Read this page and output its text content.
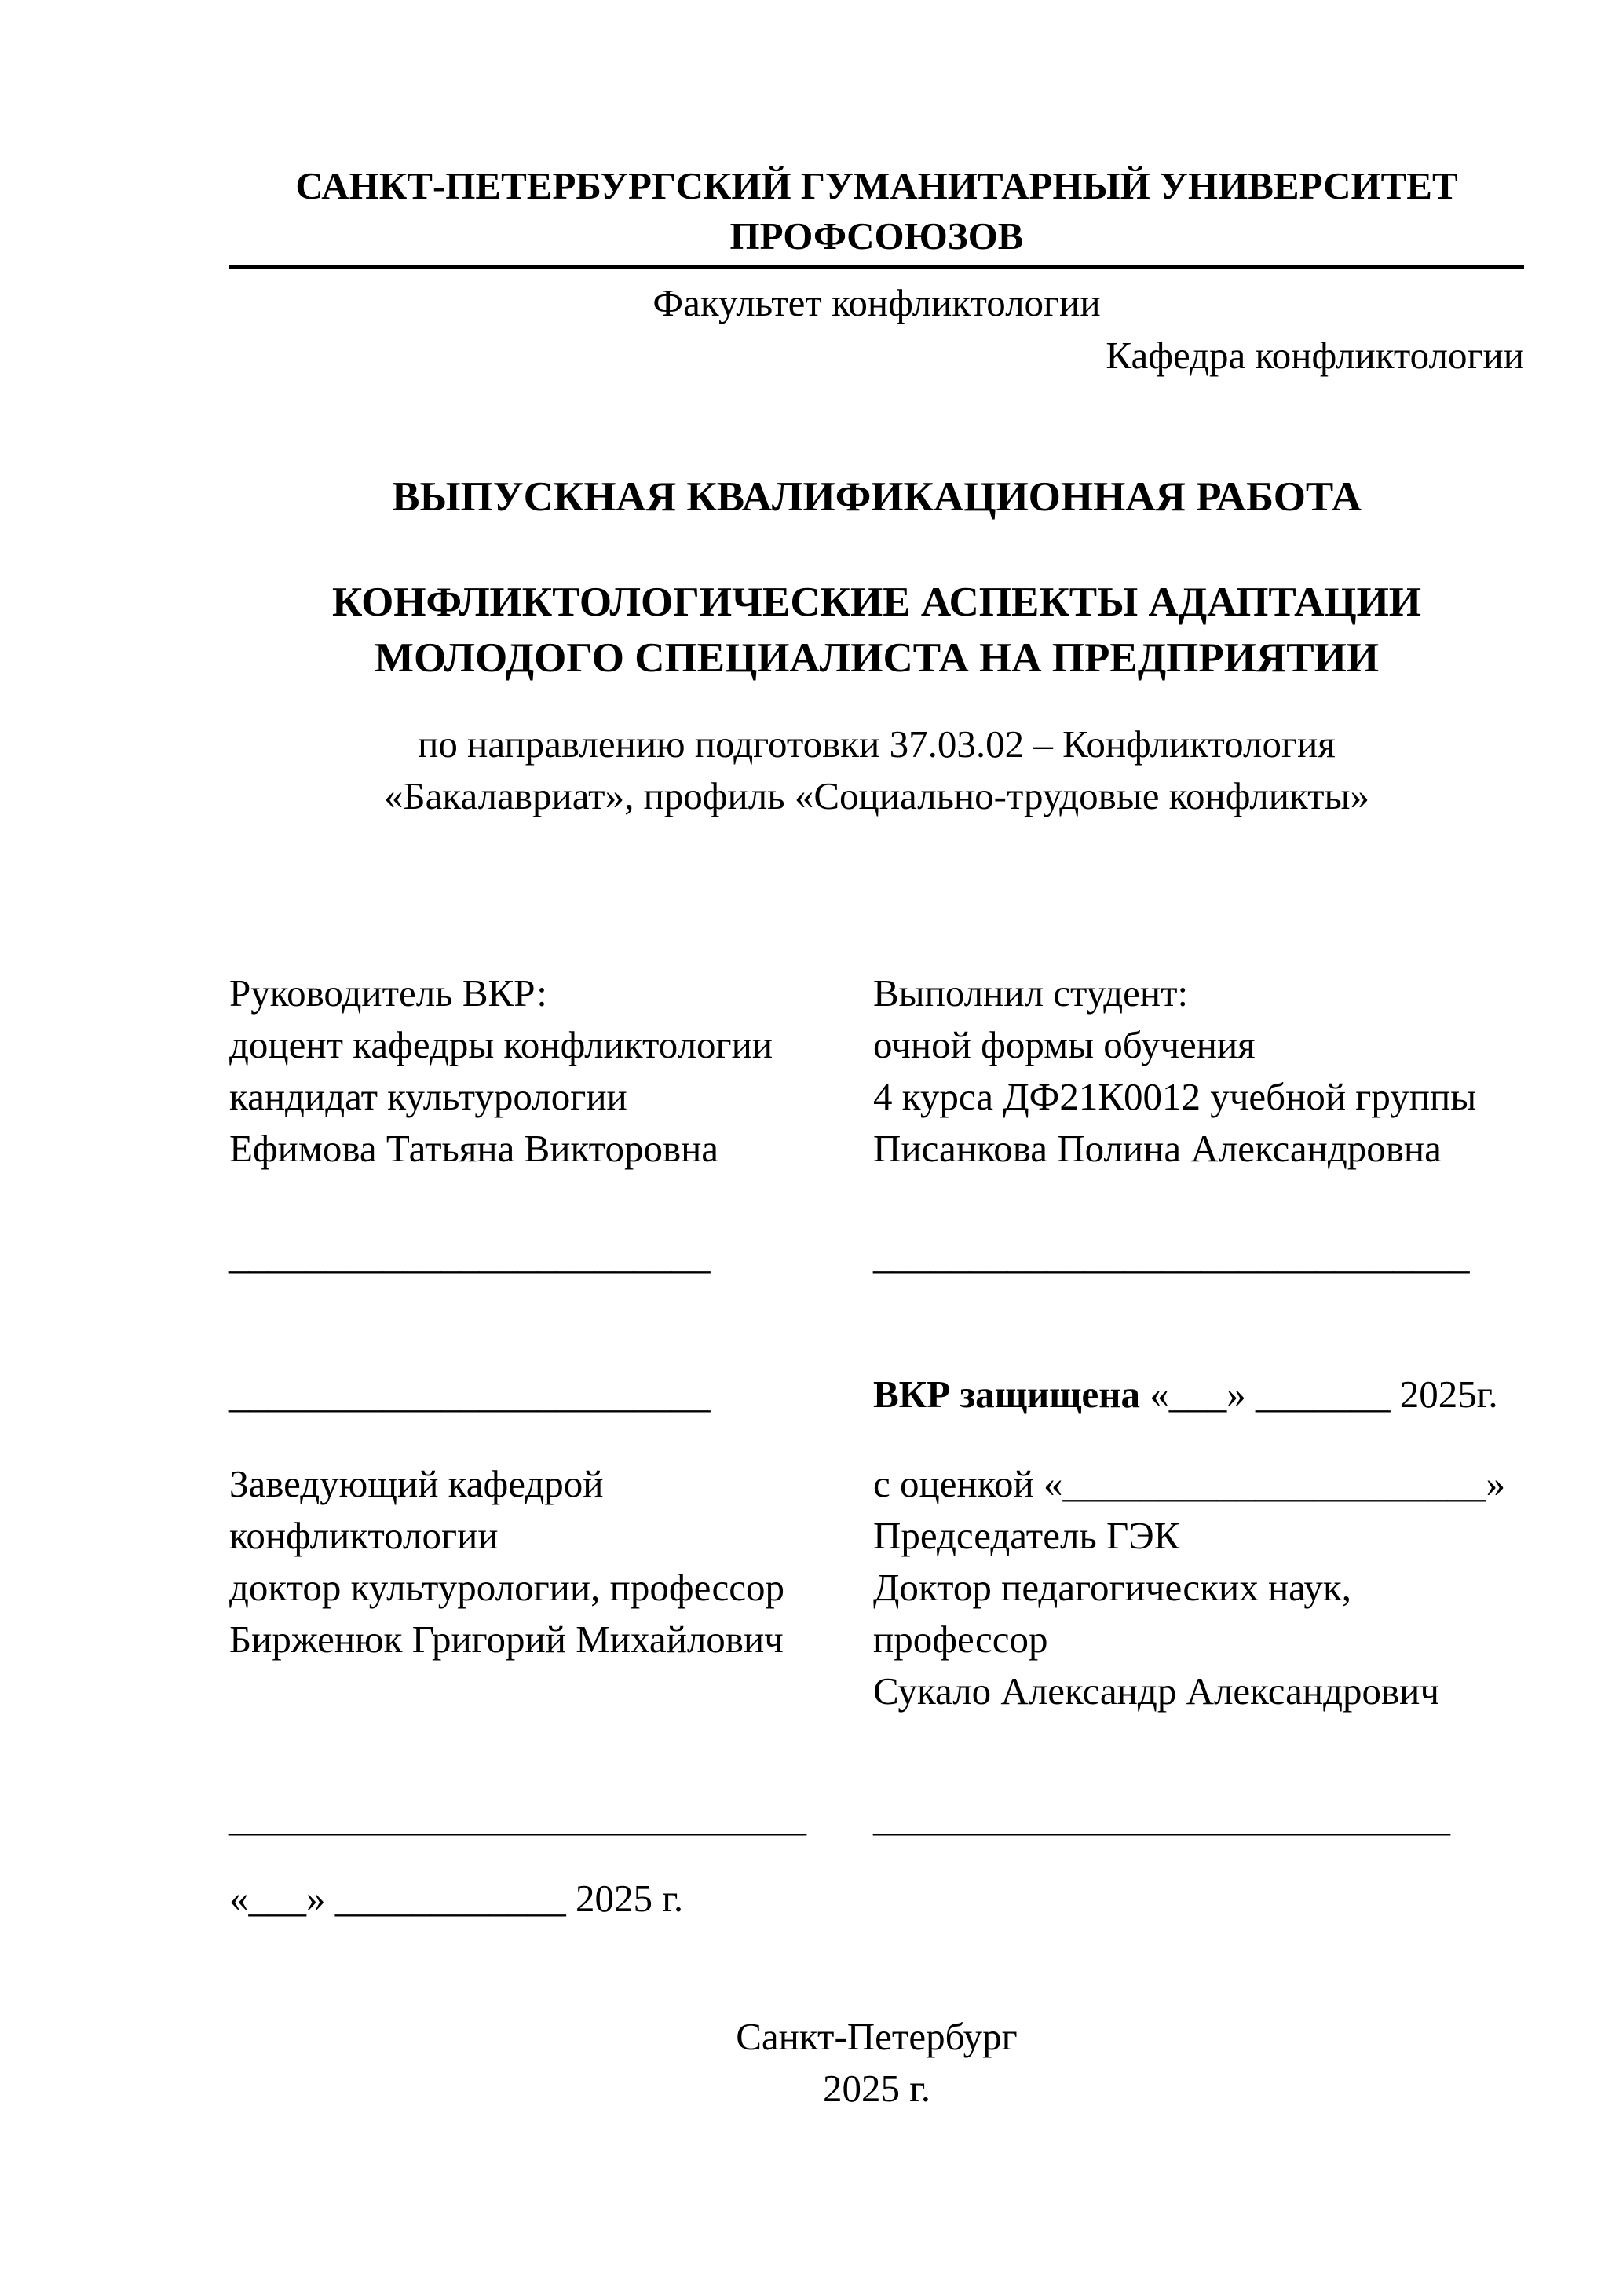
САНКТ-ПЕТЕРБУРГСКИЙ ГУМАНИТАРНЫЙ УНИВЕРСИТЕТ ПРОФСОЮЗОВ
Факультет конфликтологии
Кафедра конфликтологии
ВЫПУСКНАЯ КВАЛИФИКАЦИОННАЯ РАБОТА
КОНФЛИКТОЛОГИЧЕСКИЕ АСПЕКТЫ АДАПТАЦИИ МОЛОДОГО СПЕЦИАЛИСТА НА ПРЕДПРИЯТИИ
по направлению подготовки 37.03.02 – Конфликтология
«Бакалавриат», профиль «Социально-трудовые конфликты»
Руководитель ВКР:
доцент кафедры конфликтологии
кандидат культурологии
Ефимова Татьяна Викторовна
Выполнил студент:
очной формы обучения
4 курса ДФ21К0012 учебной группы
Писанкова Полина Александровна
_________________________	_______________________________
_________________________	ВКР защищена «___» _______ 2025г.
Заведующий кафедрой
конфликтологии
доктор культурологии, профессор
Бирженюк Григорий Михайлович
с оценкой «______________________»
Председатель ГЭК
Доктор педагогических наук,
профессор
Сукало Александр Александрович
______________________________	______________________________
«___» ____________ 2025 г.
Санкт-Петербург
2025 г.
